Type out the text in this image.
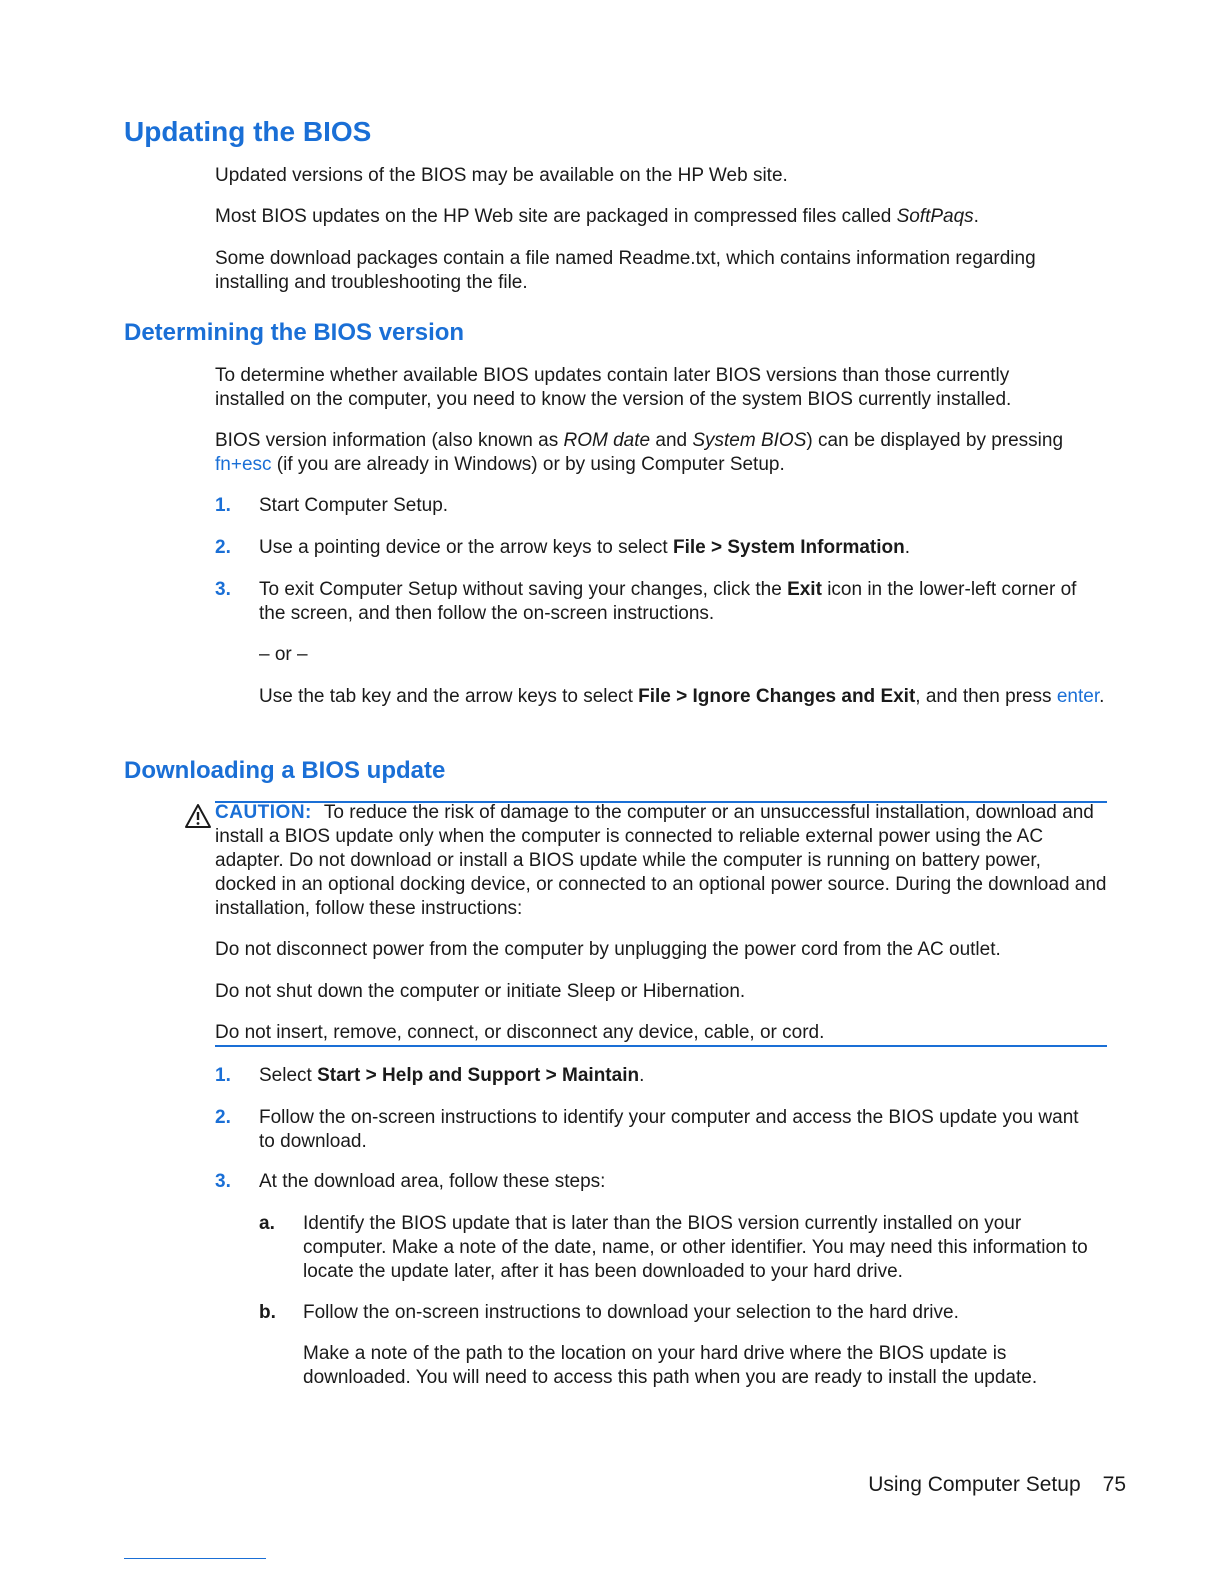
Updating the BIOS

Updated versions of the BIOS may be available on the HP Web site.

Most BIOS updates on the HP Web site are packaged in compressed files called SoftPaqs.

Some download packages contain a file named Readme.txt, which contains information regarding installing and troubleshooting the file.

Determining the BIOS version

To determine whether available BIOS updates contain later BIOS versions than those currently installed on the computer, you need to know the version of the system BIOS currently installed.

BIOS version information (also known as ROM date and System BIOS) can be displayed by pressing fn+esc (if you are already in Windows) or by using Computer Setup.

1. Start Computer Setup.
2. Use a pointing device or the arrow keys to select File > System Information.
3. To exit Computer Setup without saving your changes, click the Exit icon in the lower-left corner of the screen, and then follow the on-screen instructions.
– or –
Use the tab key and the arrow keys to select File > Ignore Changes and Exit, and then press enter.
Downloading a BIOS update

CAUTION: To reduce the risk of damage to the computer or an unsuccessful installation, download and install a BIOS update only when the computer is connected to reliable external power using the AC adapter. Do not download or install a BIOS update while the computer is running on battery power, docked in an optional docking device, or connected to an optional power source. During the download and installation, follow these instructions:

Do not disconnect power from the computer by unplugging the power cord from the AC outlet.

Do not shut down the computer or initiate Sleep or Hibernation.

Do not insert, remove, connect, or disconnect any device, cable, or cord.

1. Select Start > Help and Support > Maintain.
2. Follow the on-screen instructions to identify your computer and access the BIOS update you want to download.
3. At the download area, follow these steps:
a. Identify the BIOS update that is later than the BIOS version currently installed on your computer. Make a note of the date, name, or other identifier. You may need this information to locate the update later, after it has been downloaded to your hard drive.
b. Follow the on-screen instructions to download your selection to the hard drive.
Make a note of the path to the location on your hard drive where the BIOS update is downloaded. You will need to access this path when you are ready to install the update.
Using Computer Setup 75
